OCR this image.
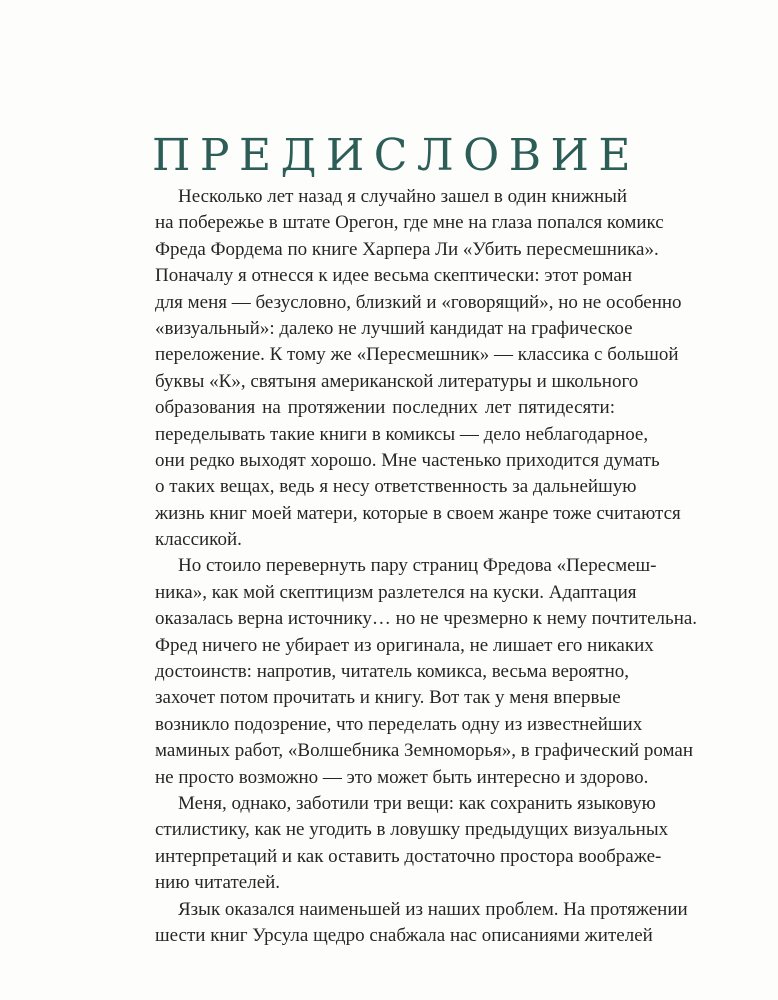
ПРЕДИСЛОВИЕ
Несколько лет назад я случайно зашел в один книжный
на побережье в штате Орегон, где мне на глаза попался комикс
Фреда Фордема по книге Харпера Ли «Убить пересмешника».
Поначалу я отнесся к идее весьма скептически: этот роман
для меня — безусловно, близкий и «говорящий», но не особенно
«визуальный»: далеко не лучший кандидат на графическое
переложение. К тому же «Пересмешник» — классика с большой
буквы «К», святыня американской литературы и школьного
образования на протяжении последних лет пятидесяти:
переделывать такие книги в комиксы — дело неблагодарное,
они редко выходят хорошо. Мне частенько приходится думать
о таких вещах, ведь я несу ответственность за дальнейшую
жизнь книг моей матери, которые в своем жанре тоже считаются
классикой.
Но стоило перевернуть пару страниц Фредова «Пересмеш-
ника», как мой скептицизм разлетелся на куски. Адаптация
оказалась верна источнику… но не чрезмерно к нему почтительна.
Фред ничего не убирает из оригинала, не лишает его никаких
достоинств: напротив, читатель комикса, весьма вероятно,
захочет потом прочитать и книгу. Вот так у меня впервые
возникло подозрение, что переделать одну из известнейших
маминых работ, «Волшебника Земноморья», в графический роман
не просто возможно — это может быть интересно и здорово.
Меня, однако, заботили три вещи: как сохранить языковую
стилистику, как не угодить в ловушку предыдущих визуальных
интерпретаций и как оставить достаточно простора воображе-
нию читателей.
Язык оказался наименьшей из наших проблем. На протяжении
шести книг Урсула щедро снабжала нас описаниями жителей
